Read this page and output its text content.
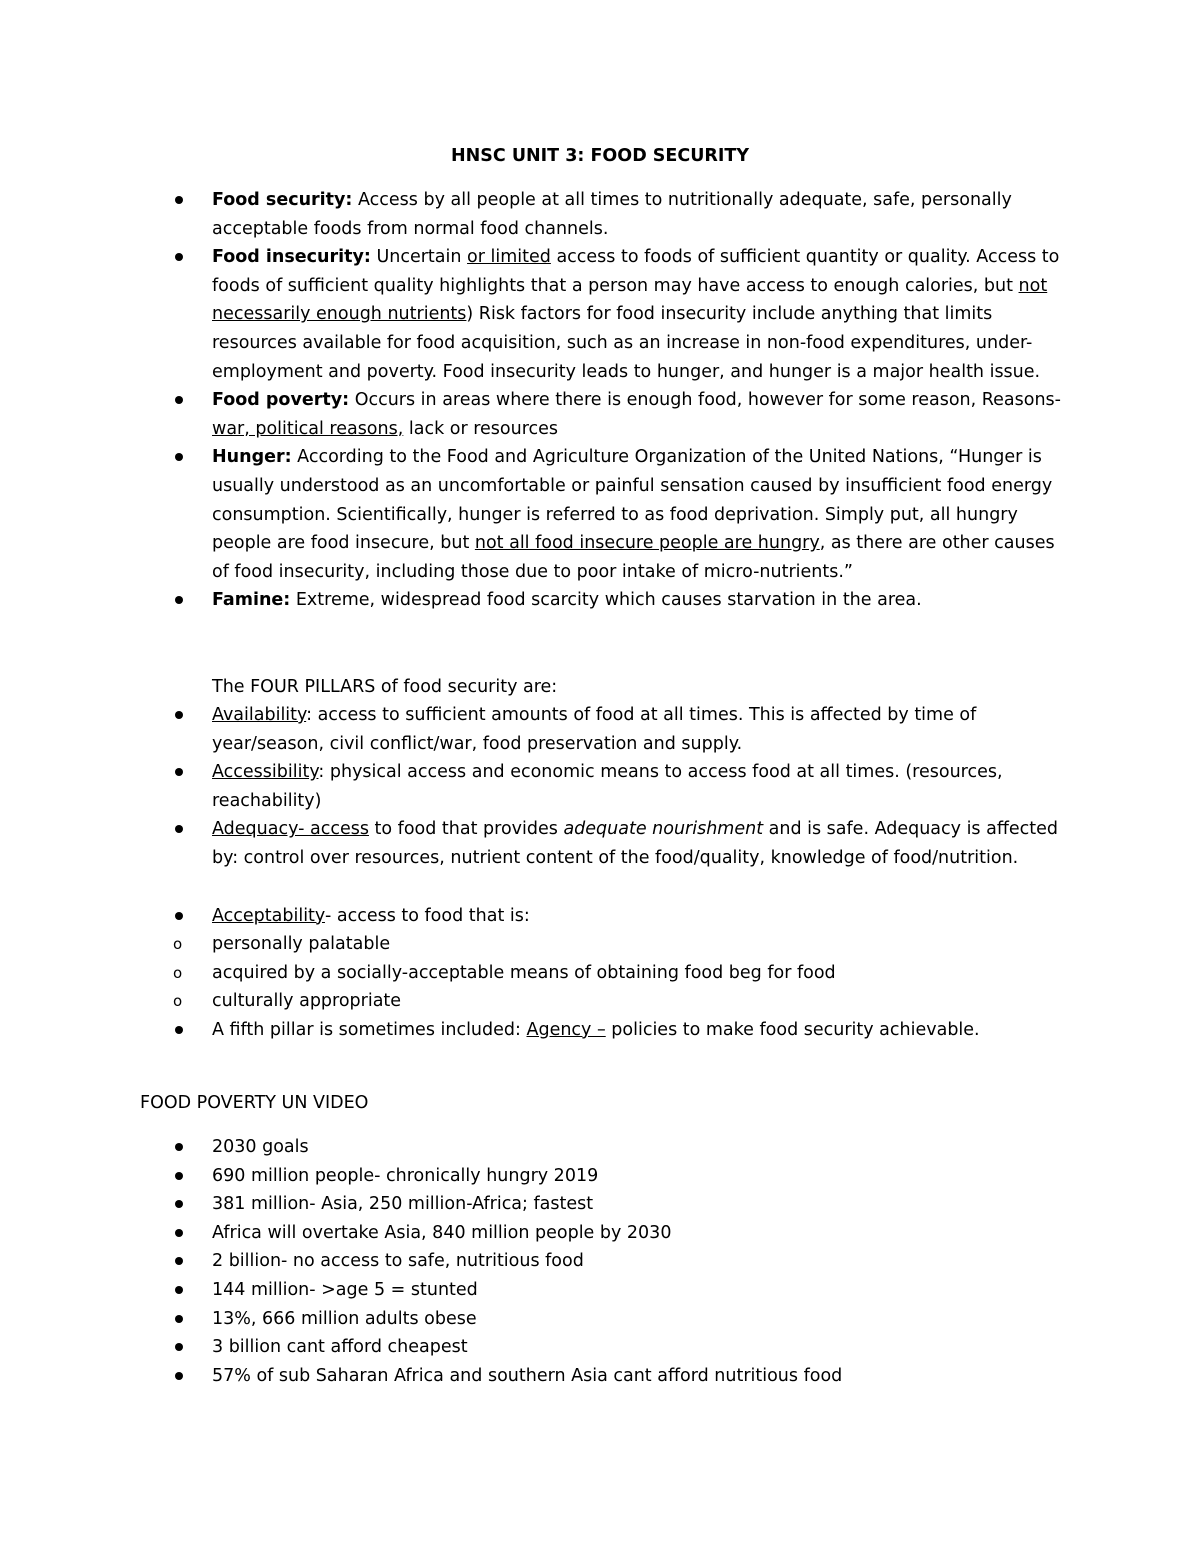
HNSC UNIT 3: FOOD SECURITY
Food security: Access by all people at all times to nutritionally adequate, safe, personally acceptable foods from normal food channels.
Food insecurity: Uncertain or limited access to foods of sufficient quantity or quality. Access to foods of sufficient quality highlights that a person may have access to enough calories, but not necessarily enough nutrients) Risk factors for food insecurity include anything that limits resources available for food acquisition, such as an increase in non-food expenditures, under-employment and poverty. Food insecurity leads to hunger, and hunger is a major health issue.
Food poverty: Occurs in areas where there is enough food, however for some reason, Reasons- war, political reasons, lack or resources
Hunger: According to the Food and Agriculture Organization of the United Nations, “Hunger is usually understood as an uncomfortable or painful sensation caused by insufficient food energy consumption. Scientifically, hunger is referred to as food deprivation. Simply put, all hungry people are food insecure, but not all food insecure people are hungry, as there are other causes of food insecurity, including those due to poor intake of micro-nutrients.”
Famine: Extreme, widespread food scarcity which causes starvation in the area.
The FOUR PILLARS of food security are:
Availability: access to sufficient amounts of food at all times. This is affected by time of year/season, civil conflict/war, food preservation and supply.
Accessibility: physical access and economic means to access food at all times. (resources, reachability)
Adequacy- access to food that provides adequate nourishment and is safe. Adequacy is affected by: control over resources, nutrient content of the food/quality, knowledge of food/nutrition.
Acceptability- access to food that is:
o personally palatable
o acquired by a socially-acceptable means of obtaining food beg for food
o culturally appropriate
A fifth pillar is sometimes included: Agency – policies to make food security achievable.
FOOD POVERTY UN VIDEO
2030 goals
690 million people- chronically hungry 2019
381 million- Asia, 250 million-Africa; fastest
Africa will overtake Asia, 840 million people by 2030
2 billion- no access to safe, nutritious food
144 million- >age 5 = stunted
13%, 666 million adults obese
3 billion cant afford cheapest
57% of sub Saharan Africa and southern Asia cant afford nutritious food
